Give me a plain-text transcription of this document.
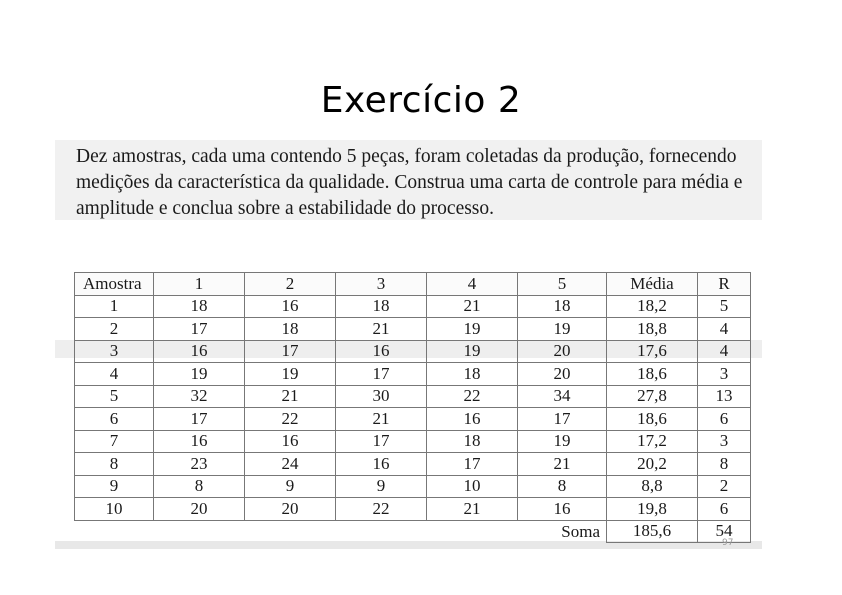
Exercício 2

Dez amostras, cada uma contendo 5 peças, foram coletadas da produção, fornecendo medições da característica da qualidade. Construa uma carta de controle para média e amplitude e conclua sobre a estabilidade do processo.

Amostra	1	2	3	4	5	Média	R
1	18	16	18	21	18	18,2	5
2	17	18	21	19	19	18,8	4
3	16	17	16	19	20	17,6	4
4	19	19	17	18	20	18,6	3
5	32	21	30	22	34	27,8	13
6	17	22	21	16	17	18,6	6
7	16	16	17	18	19	17,2	3
8	23	24	16	17	21	20,2	8
9	8	9	9	10	8	8,8	2
10	20	20	22	21	16	19,8	6
				Soma		185,6	54
97
